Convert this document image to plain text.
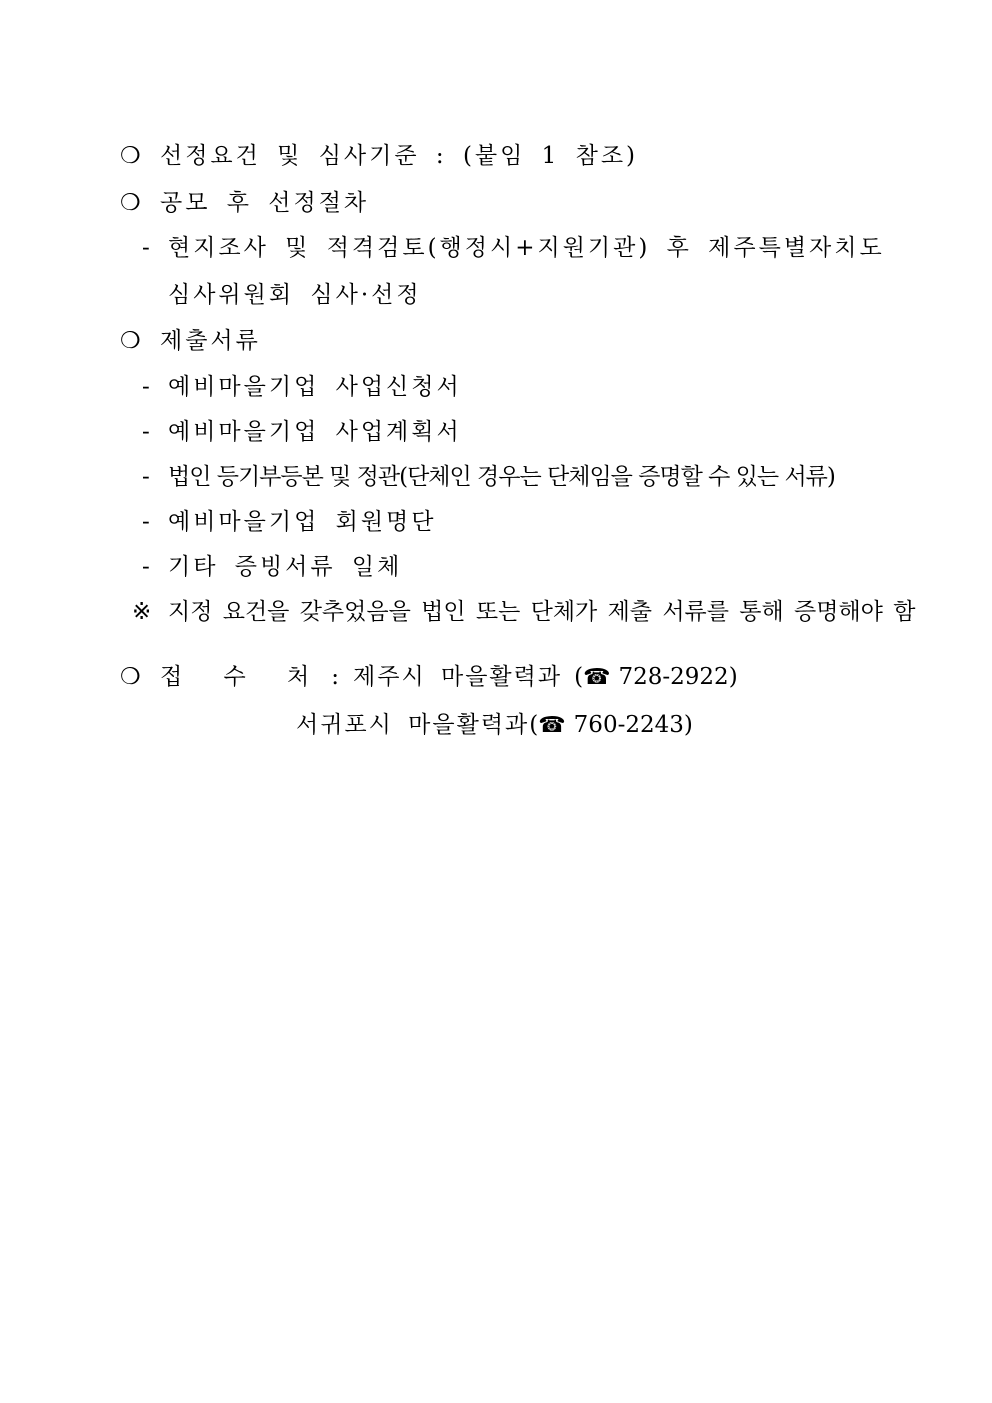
❍ 선정요건 및 심사기준 : (붙임 1 참조)
❍ 공모 후 선정절차
- 현지조사 및 적격검토(행정시+지원기관) 후 제주특별자치도
심사위원회 심사·선정
❍ 제출서류
- 예비마을기업 사업신청서
- 예비마을기업 사업계획서
- 법인 등기부등본 및 정관(단체인 경우는 단체임을 증명할 수 있는 서류)
- 예비마을기업 회원명단
- 기타 증빙서류 일체
※ 지정 요건을 갖추었음을 법인 또는 단체가 제출 서류를 통해 증명해야 함
❍ 접 수 처 : 제주시 마을활력과 (☎ 728-2922)
서귀포시 마을활력과(☎ 760-2243)
